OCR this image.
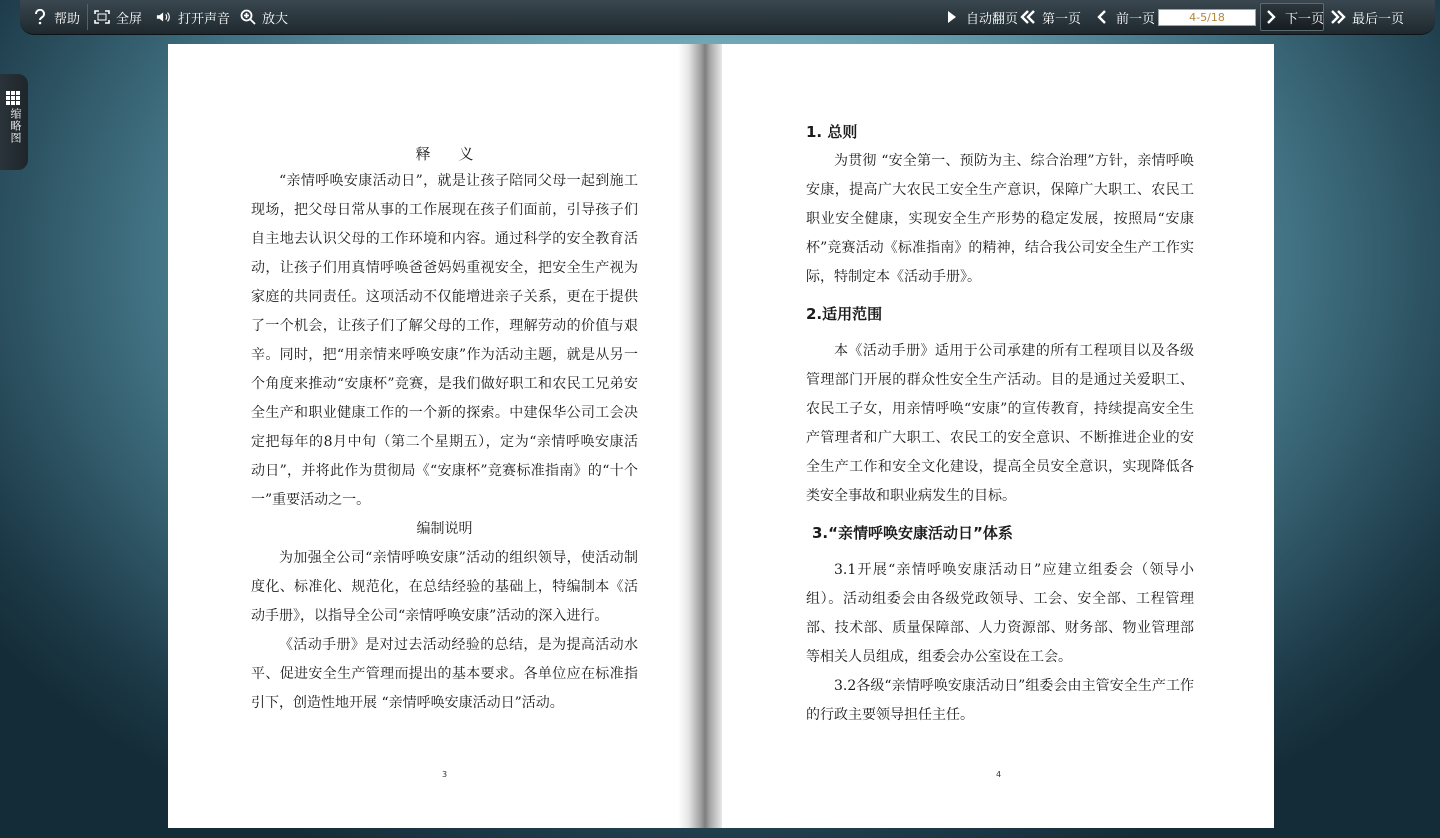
帮助	全屏	打开声音 放大	自动翻页 第一页	前一页
4-5/18	下一页 最后一页
缩略图
释义

“亲情呼唤安康活动日”，就是让孩子陪同父母一起到施工现场，把父母日常从事的工作展现在孩子们面前，引导孩子们自主地去认识父母的工作环境和内容。通过科学的安全教育活动，让孩子们用真情呼唤爸爸妈妈重视安全，把安全生产视为家庭的共同责任。这项活动不仅能增进亲子关系，更在于提供了一个机会，让孩子们了解父母的工作，理解劳动的价值与艰辛。同时，把“用亲情来呼唤安康”作为活动主题，就是从另一个角度来推动“安康杯”竞赛，是我们做好职工和农民工兄弟安全生产和职业健康工作的一个新的探索。中建保华公司工会决定把每年的8月中旬（第二个星期五），定为“亲情呼唤安康活动日”，并将此作为贯彻局《“安康杯”竞赛标准指南》的“十个一”重要活动之一。

编制说明

为加强全公司“亲情呼唤安康”活动的组织领导，使活动制度化、标准化、规范化，在总结经验的基础上，特编制本《活动手册》，以指导全公司“亲情呼唤安康”活动的深入进行。

《活动手册》是对过去活动经验的总结，是为提高活动水平、促进安全生产管理而提出的基本要求。各单位应在标准指引下，创造性地开展 “亲情呼唤安康活动日”活动。

3
1. 总则

为贯彻 “安全第一、预防为主、综合治理”方针，亲情呼唤安康，提高广大农民工安全生产意识，保障广大职工、农民工职业安全健康，实现安全生产形势的稳定发展，按照局“安康杯”竞赛活动《标准指南》的精神，结合我公司安全生产工作实际，特制定本《活动手册》。

2.适用范围

本《活动手册》适用于公司承建的所有工程项目以及各级管理部门开展的群众性安全生产活动。目的是通过关爱职工、农民工子女，用亲情呼唤“安康”的宣传教育，持续提高安全生产管理者和广大职工、农民工的安全意识、不断推进企业的安全生产工作和安全文化建设，提高全员安全意识，实现降低各类安全事故和职业病发生的目标。

3.“亲情呼唤安康活动日”体系

3.1开展“亲情呼唤安康活动日”应建立组委会（领导小组）。活动组委会由各级党政领导、工会、安全部、工程管理部、技术部、质量保障部、人力资源部、财务部、物业管理部等相关人员组成，组委会办公室设在工会。

3.2各级“亲情呼唤安康活动日”组委会由主管安全生产工作的行政主要领导担任主任。

4
